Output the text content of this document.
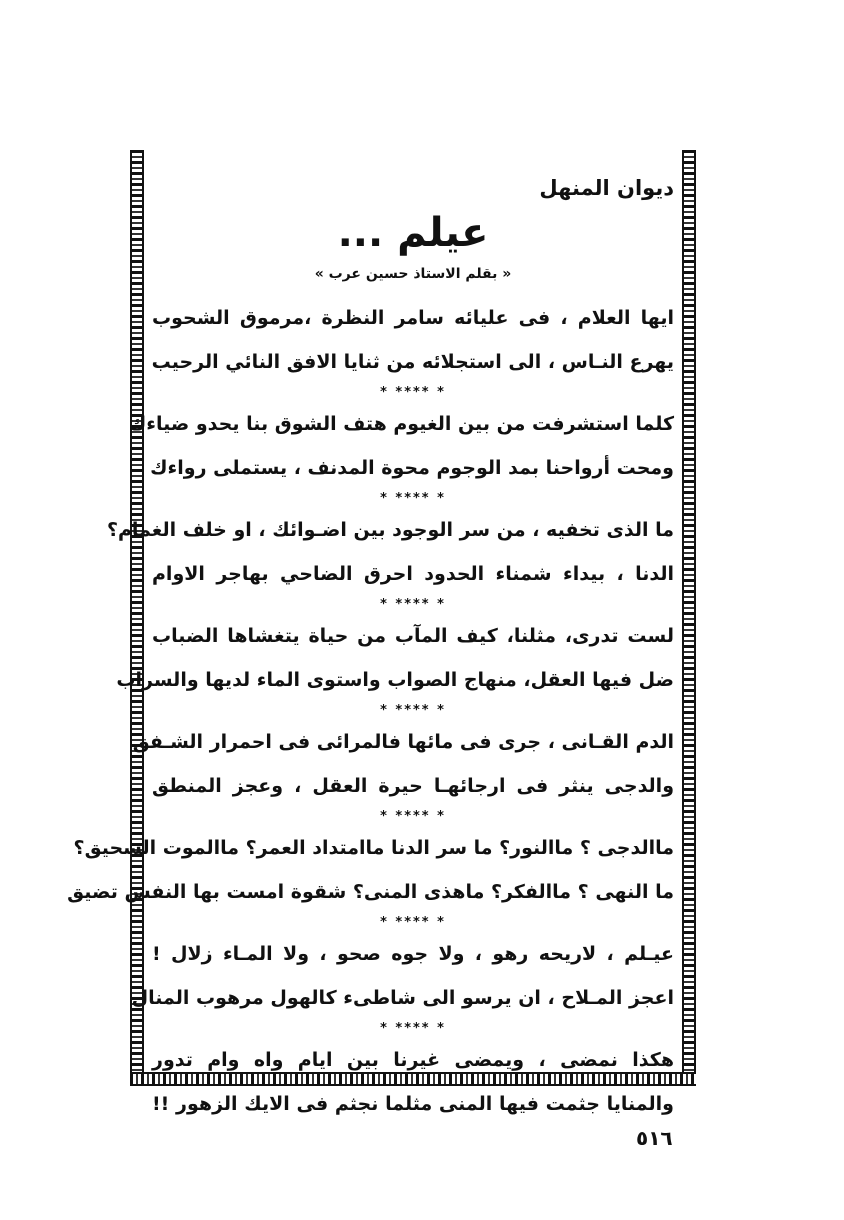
ديوان المنهل
عيلم ...
« بقلم الاستاذ حسين عرب »
ايها العلام ، فى عليائه سامر النظرة ،مرموق الشحوب
يهرع النـاس ، الى استجلائه من ثنايا الافق النائي الرحيب
* **** *
كلما استشرفت من بين الغيوم هتف الشوق بنا يحدو ضياءك
ومحت أرواحنا بمد الوجوم محوة المدنف ، يستملى رواءك
* **** *
ما الذى تخفيه ، من سر الوجود بين اضـوائك ، او خلف الغمام؟
الدنا ، بيداء شمناء الحدود احرق الضاحي بهاجر الاوام
* **** *
لست تدرى، مثلنا، كيف المآب من حياة يتغشاها الضباب
ضل فيها العقل، منهاج الصواب واستوى الماء لديها والسراب
* **** *
الدم القـانى ، جرى فى مائها فالمرائى فى احمرار الشـفق
والدجى ينثر فى ارجائهـا حيرة العقل ، وعجز المنطق
* **** *
ماالدجى ؟ ماالنور؟ ما سر الدنا ماامتداد العمر؟ ماالموت السحيق؟
ما النهى ؟ ماالفكر؟ ماهذى المنى؟ شقوة امست بها النفس تضيق
* **** *
عيـلم ، لاريحه رهو ، ولا جوه صحو ، ولا المـاء زلال !
اعجز المـلاح ، ان يرسو الى شاطىء كالهول مرهوب المنال
* **** *
هكذا نمضى ، ويمضى غيرنا بين ايام واه وام تدور
والمنايا جثمت فيها المنى مثلما نجثم فى الايك الزهور !!
٥١٦
